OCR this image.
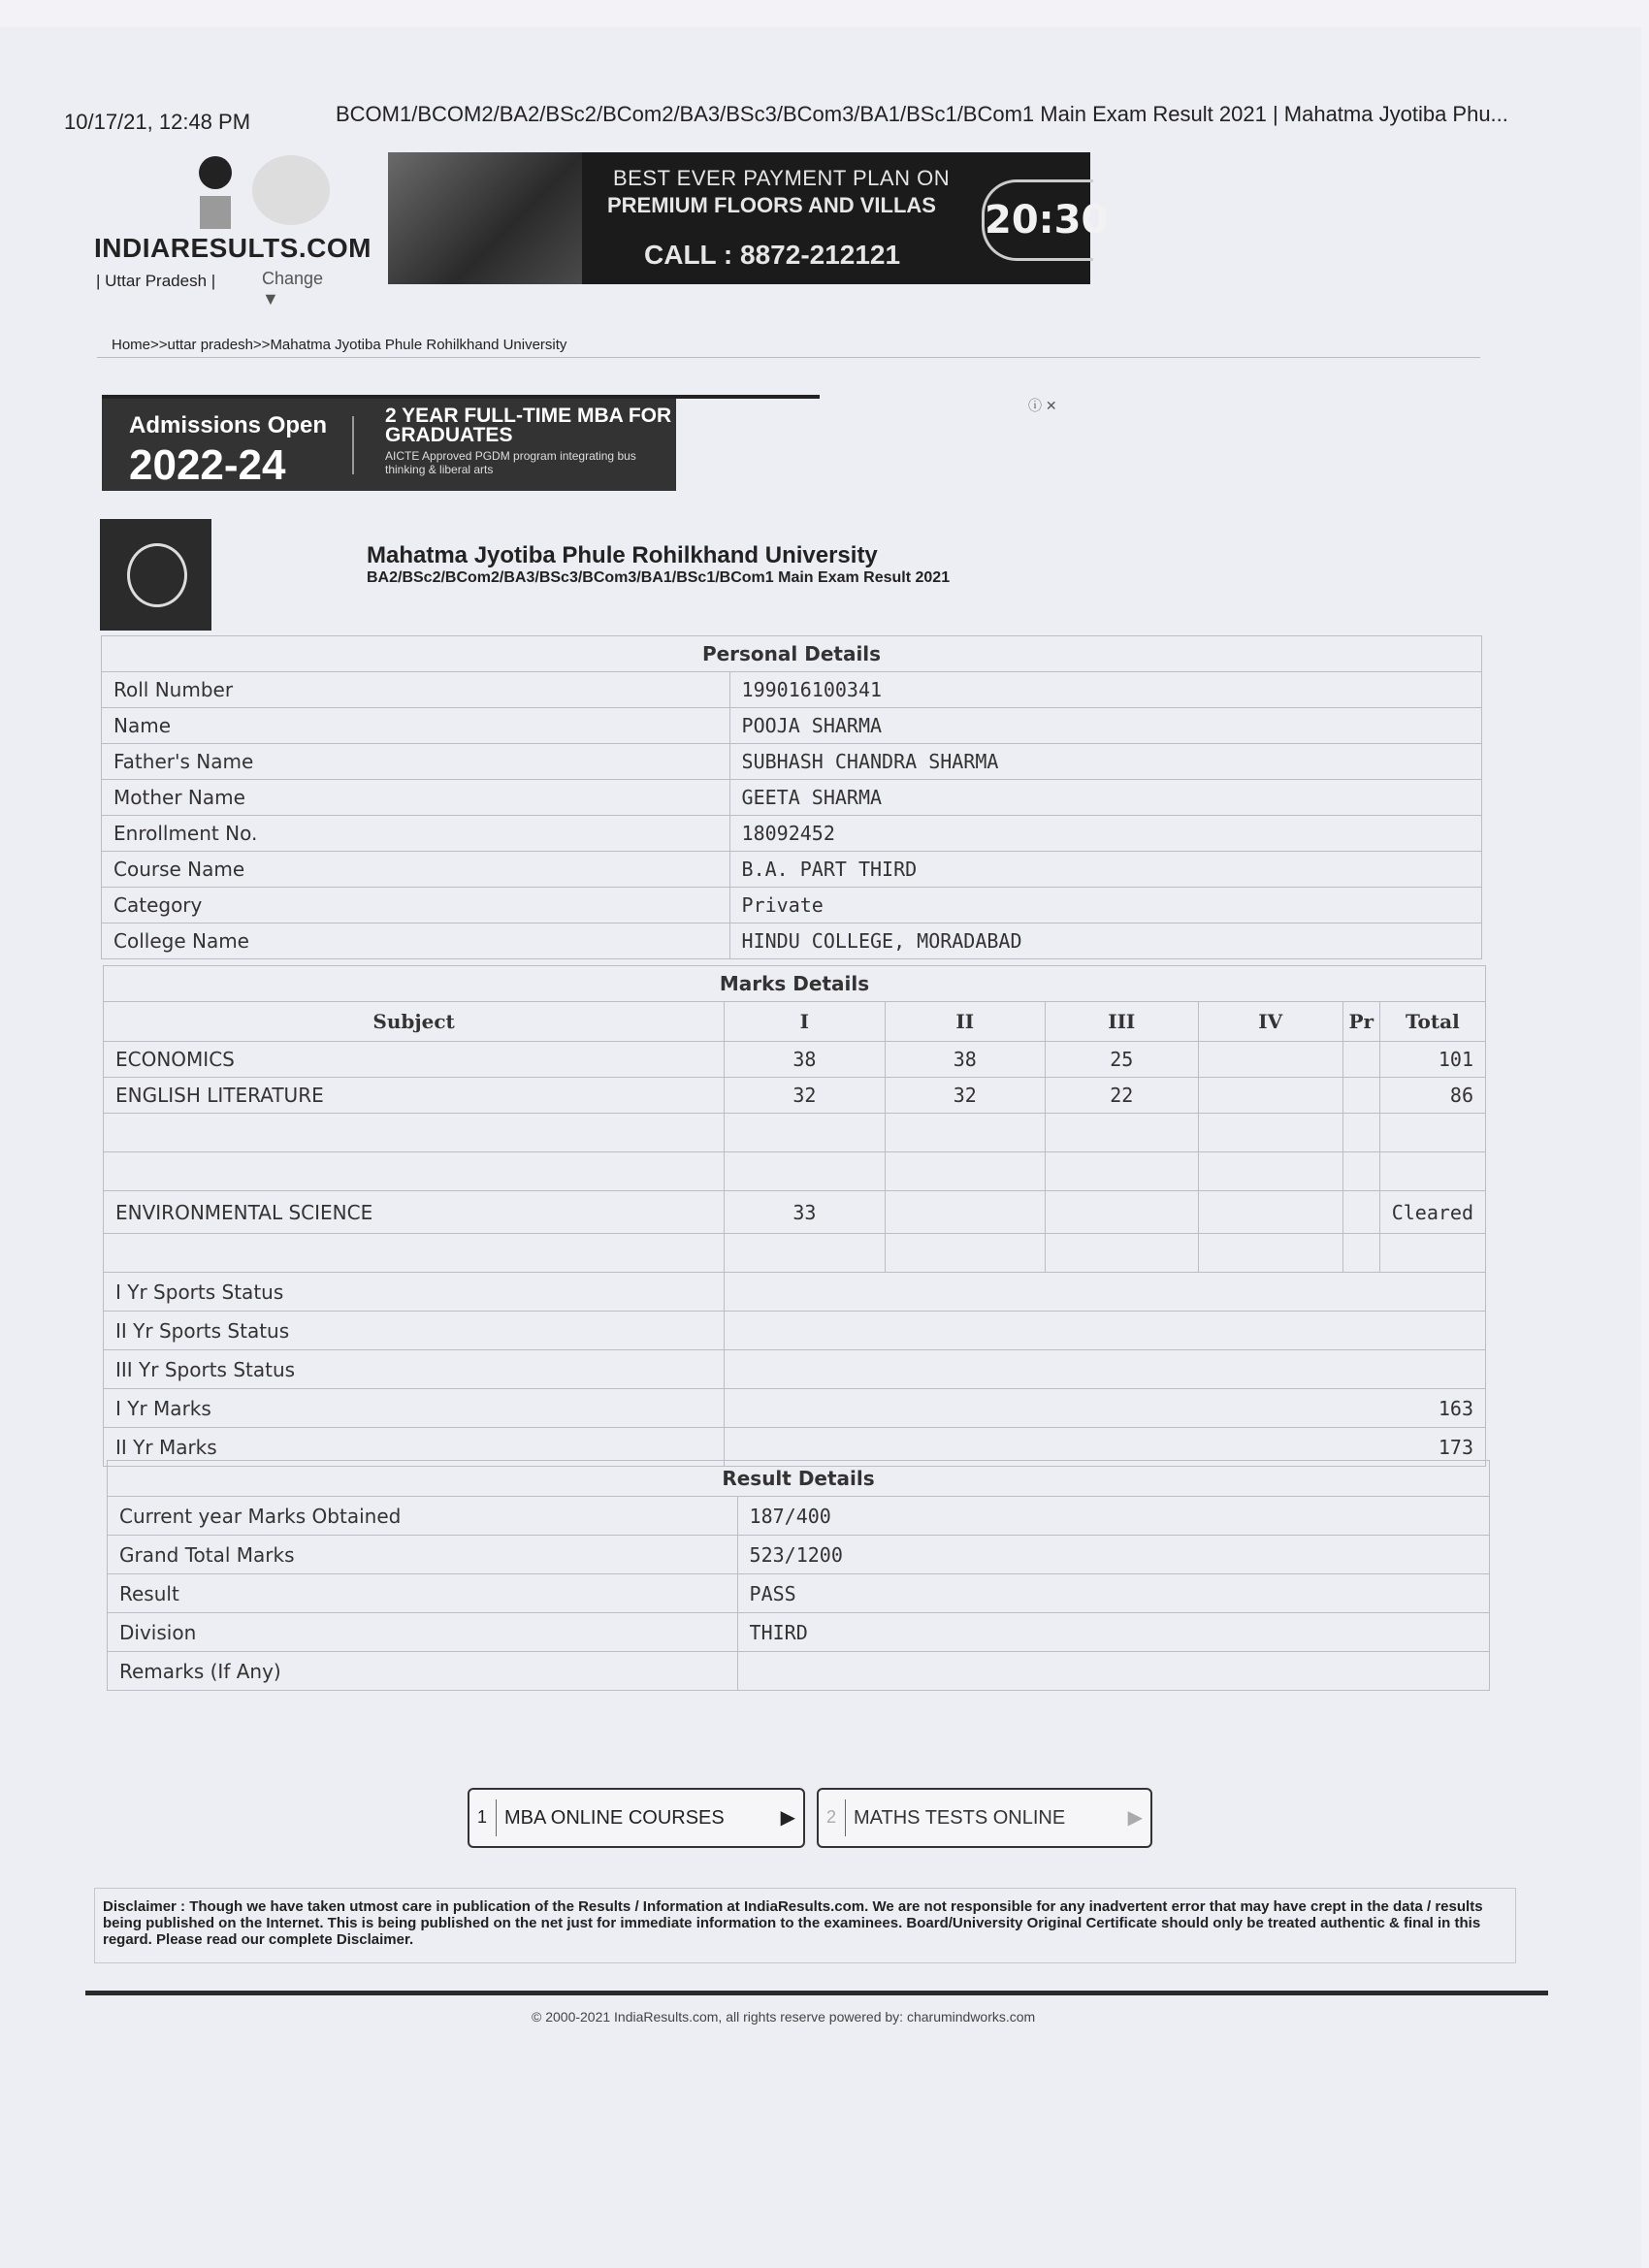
10/17/21, 12:48 PM	BCOM1/BCOM2/BA2/BSc2/BCom2/BA3/BSc3/BCom3/BA1/BSc1/BCom1 Main Exam Result 2021 | Mahatma Jyotiba Phu...
INDIARESULTS.COM
| Uttar Pradesh |	Change ▼
BEST EVER PAYMENT PLAN ON
PREMIUM FLOORS AND VILLAS
CALL : 8872-212121
20:30
Home>>uttar pradesh>>Mahatma Jyotiba Phule Rohilkhand University
Admissions Open
2022-24
2 YEAR FULL-TIME MBA FOR GRADUATES
AICTE Approved PGDM program integrating bus thinking & liberal arts
ⓘ ✕
Mahatma Jyotiba Phule Rohilkhand University
BA2/BSc2/BCom2/BA3/BSc3/BCom3/BA1/BSc1/BCom1 Main Exam Result 2021
Personal Details	
Roll Number	199016100341
Name	POOJA SHARMA
Father's Name	SUBHASH CHANDRA SHARMA
Mother Name	GEETA SHARMA
Enrollment No.	18092452
Course Name	B.A. PART THIRD
Category	Private
College Name	HINDU COLLEGE, MORADABAD
Marks Details						
Subject	I	II	III	IV	Pr	Total
ECONOMICS	38	38	25			101
ENGLISH LITERATURE	32	32	22			86

ENVIRONMENTAL SCIENCE	33					Cleared

I Yr Sports Status						
II Yr Sports Status						
III Yr Sports Status						
I Yr Marks	163					
II Yr Marks	173					
Result Details	
Current year Marks Obtained	187/400
Grand Total Marks	523/1200
Result	PASS
Division	THIRD
Remarks (If Any)	
1 MBA ONLINE COURSES	▶ 2 MATHS TESTS ONLINE	▶
Disclaimer : Though we have taken utmost care in publication of the Results / Information at IndiaResults.com. We are not responsible for any inadvertent error that may have crept in the data / results being published on the Internet. This is being published on the net just for immediate information to the examinees. Board/University Original Certificate should only be treated authentic & final in this regard. Please read our complete Disclaimer.
© 2000-2021 IndiaResults.com, all rights reserve powered by: charumindworks.com
